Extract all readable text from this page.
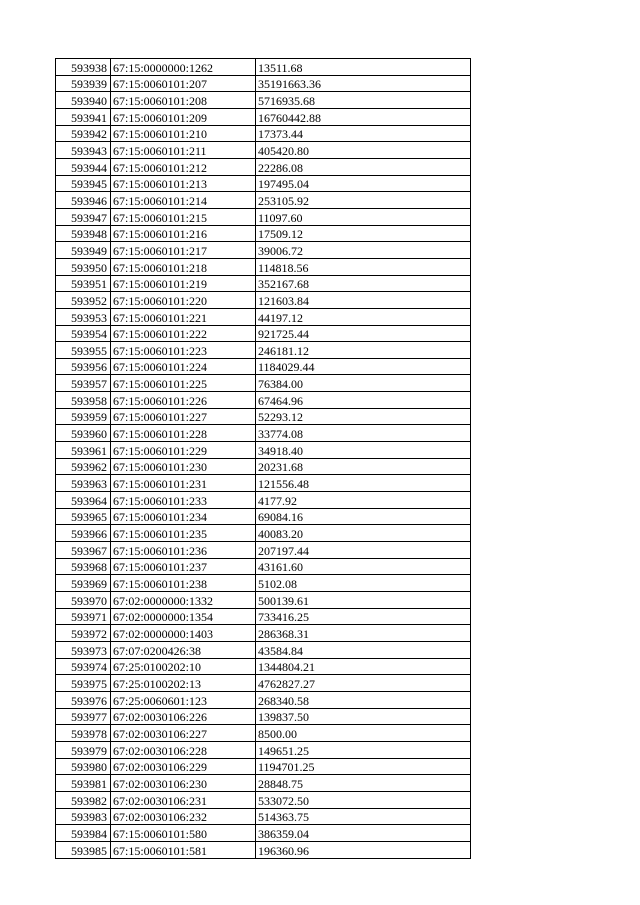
593938	67:15:0000000:1262	13511.68
593939	67:15:0060101:207	35191663.36
593940	67:15:0060101:208	5716935.68
593941	67:15:0060101:209	16760442.88
593942	67:15:0060101:210	17373.44
593943	67:15:0060101:211	405420.80
593944	67:15:0060101:212	22286.08
593945	67:15:0060101:213	197495.04
593946	67:15:0060101:214	253105.92
593947	67:15:0060101:215	11097.60
593948	67:15:0060101:216	17509.12
593949	67:15:0060101:217	39006.72
593950	67:15:0060101:218	114818.56
593951	67:15:0060101:219	352167.68
593952	67:15:0060101:220	121603.84
593953	67:15:0060101:221	44197.12
593954	67:15:0060101:222	921725.44
593955	67:15:0060101:223	246181.12
593956	67:15:0060101:224	1184029.44
593957	67:15:0060101:225	76384.00
593958	67:15:0060101:226	67464.96
593959	67:15:0060101:227	52293.12
593960	67:15:0060101:228	33774.08
593961	67:15:0060101:229	34918.40
593962	67:15:0060101:230	20231.68
593963	67:15:0060101:231	121556.48
593964	67:15:0060101:233	4177.92
593965	67:15:0060101:234	69084.16
593966	67:15:0060101:235	40083.20
593967	67:15:0060101:236	207197.44
593968	67:15:0060101:237	43161.60
593969	67:15:0060101:238	5102.08
593970	67:02:0000000:1332	500139.61
593971	67:02:0000000:1354	733416.25
593972	67:02:0000000:1403	286368.31
593973	67:07:0200426:38	43584.84
593974	67:25:0100202:10	1344804.21
593975	67:25:0100202:13	4762827.27
593976	67:25:0060601:123	268340.58
593977	67:02:0030106:226	139837.50
593978	67:02:0030106:227	8500.00
593979	67:02:0030106:228	149651.25
593980	67:02:0030106:229	1194701.25
593981	67:02:0030106:230	28848.75
593982	67:02:0030106:231	533072.50
593983	67:02:0030106:232	514363.75
593984	67:15:0060101:580	386359.04
593985	67:15:0060101:581	196360.96
